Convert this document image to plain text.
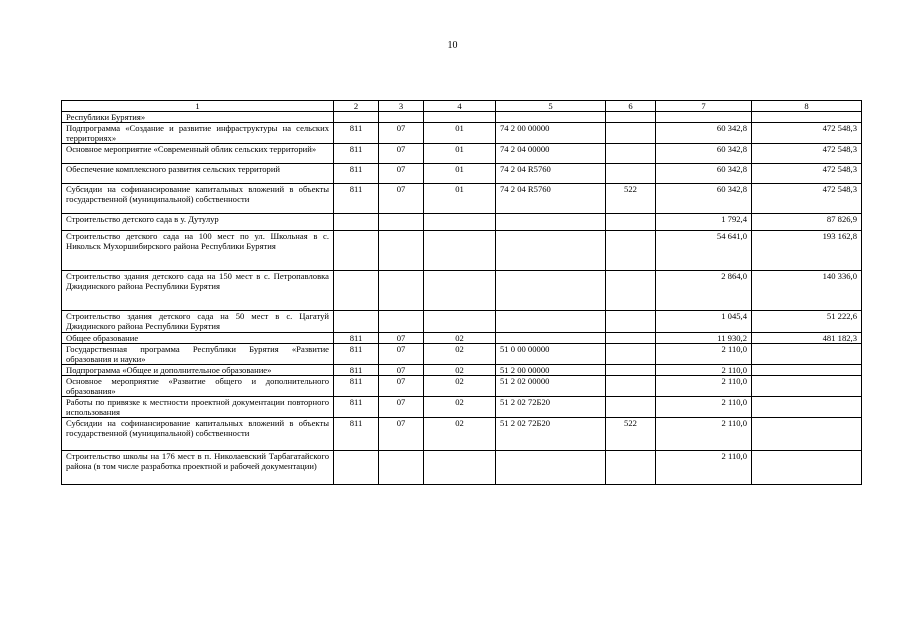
10
1	2	3	4	5	6	7	8
Республики Бурятия»							
Подпрограмма «Создание и развитие инфраструктуры на сельских территориях»	811	07	01	74 2 00 00000		60 342,8	472 548,3
Основное мероприятие «Современный облик сельских территорий»	811	07	01	74 2 04 00000		60 342,8	472 548,3
Обеспечение комплексного развития сельских территорий	811	07	01	74 2 04 R5760		60 342,8	472 548,3
Субсидии на софинансирование капитальных вложений в объекты государственной (муниципальной) собственности	811	07	01	74 2 04 R5760	522	60 342,8	472 548,3
Строительство детского сада в у. Дутулур						1 792,4	87 826,9
Строительство детского сада на 100 мест по ул. Школьная в с. Никольск Мухоршибирского района Республики Бурятия						54 641,0	193 162,8
Строительство здания детского сада на 150 мест в с. Петропавловка Джидинского района Республики Бурятия						2 864,0	140 336,0
Строительство здания детского сада на 50 мест в с. Цагатуй Джидинского района Республики Бурятия						1 045,4	51 222,6
Общее образование	811	07	02			11 930,2	481 182,3
Государственная программа Республики Бурятия «Развитие образования и науки»	811	07	02	51 0 00 00000		2 110,0	
Подпрограмма «Общее и дополнительное образование»	811	07	02	51 2 00 00000		2 110,0	
Основное мероприятие «Развитие общего и дополнительного образования»	811	07	02	51 2 02 00000		2 110,0	
Работы по привязке к местности проектной документации повторного использования	811	07	02	51 2 02 72Б20		2 110,0	
Субсидии на софинансирование капитальных вложений в объекты государственной (муниципальной) собственности	811	07	02	51 2 02 72Б20	522	2 110,0	
Строительство школы на 176 мест в п. Николаевский Тарбагатайского района (в том числе разработка проектной и рабочей документации)						2 110,0	
